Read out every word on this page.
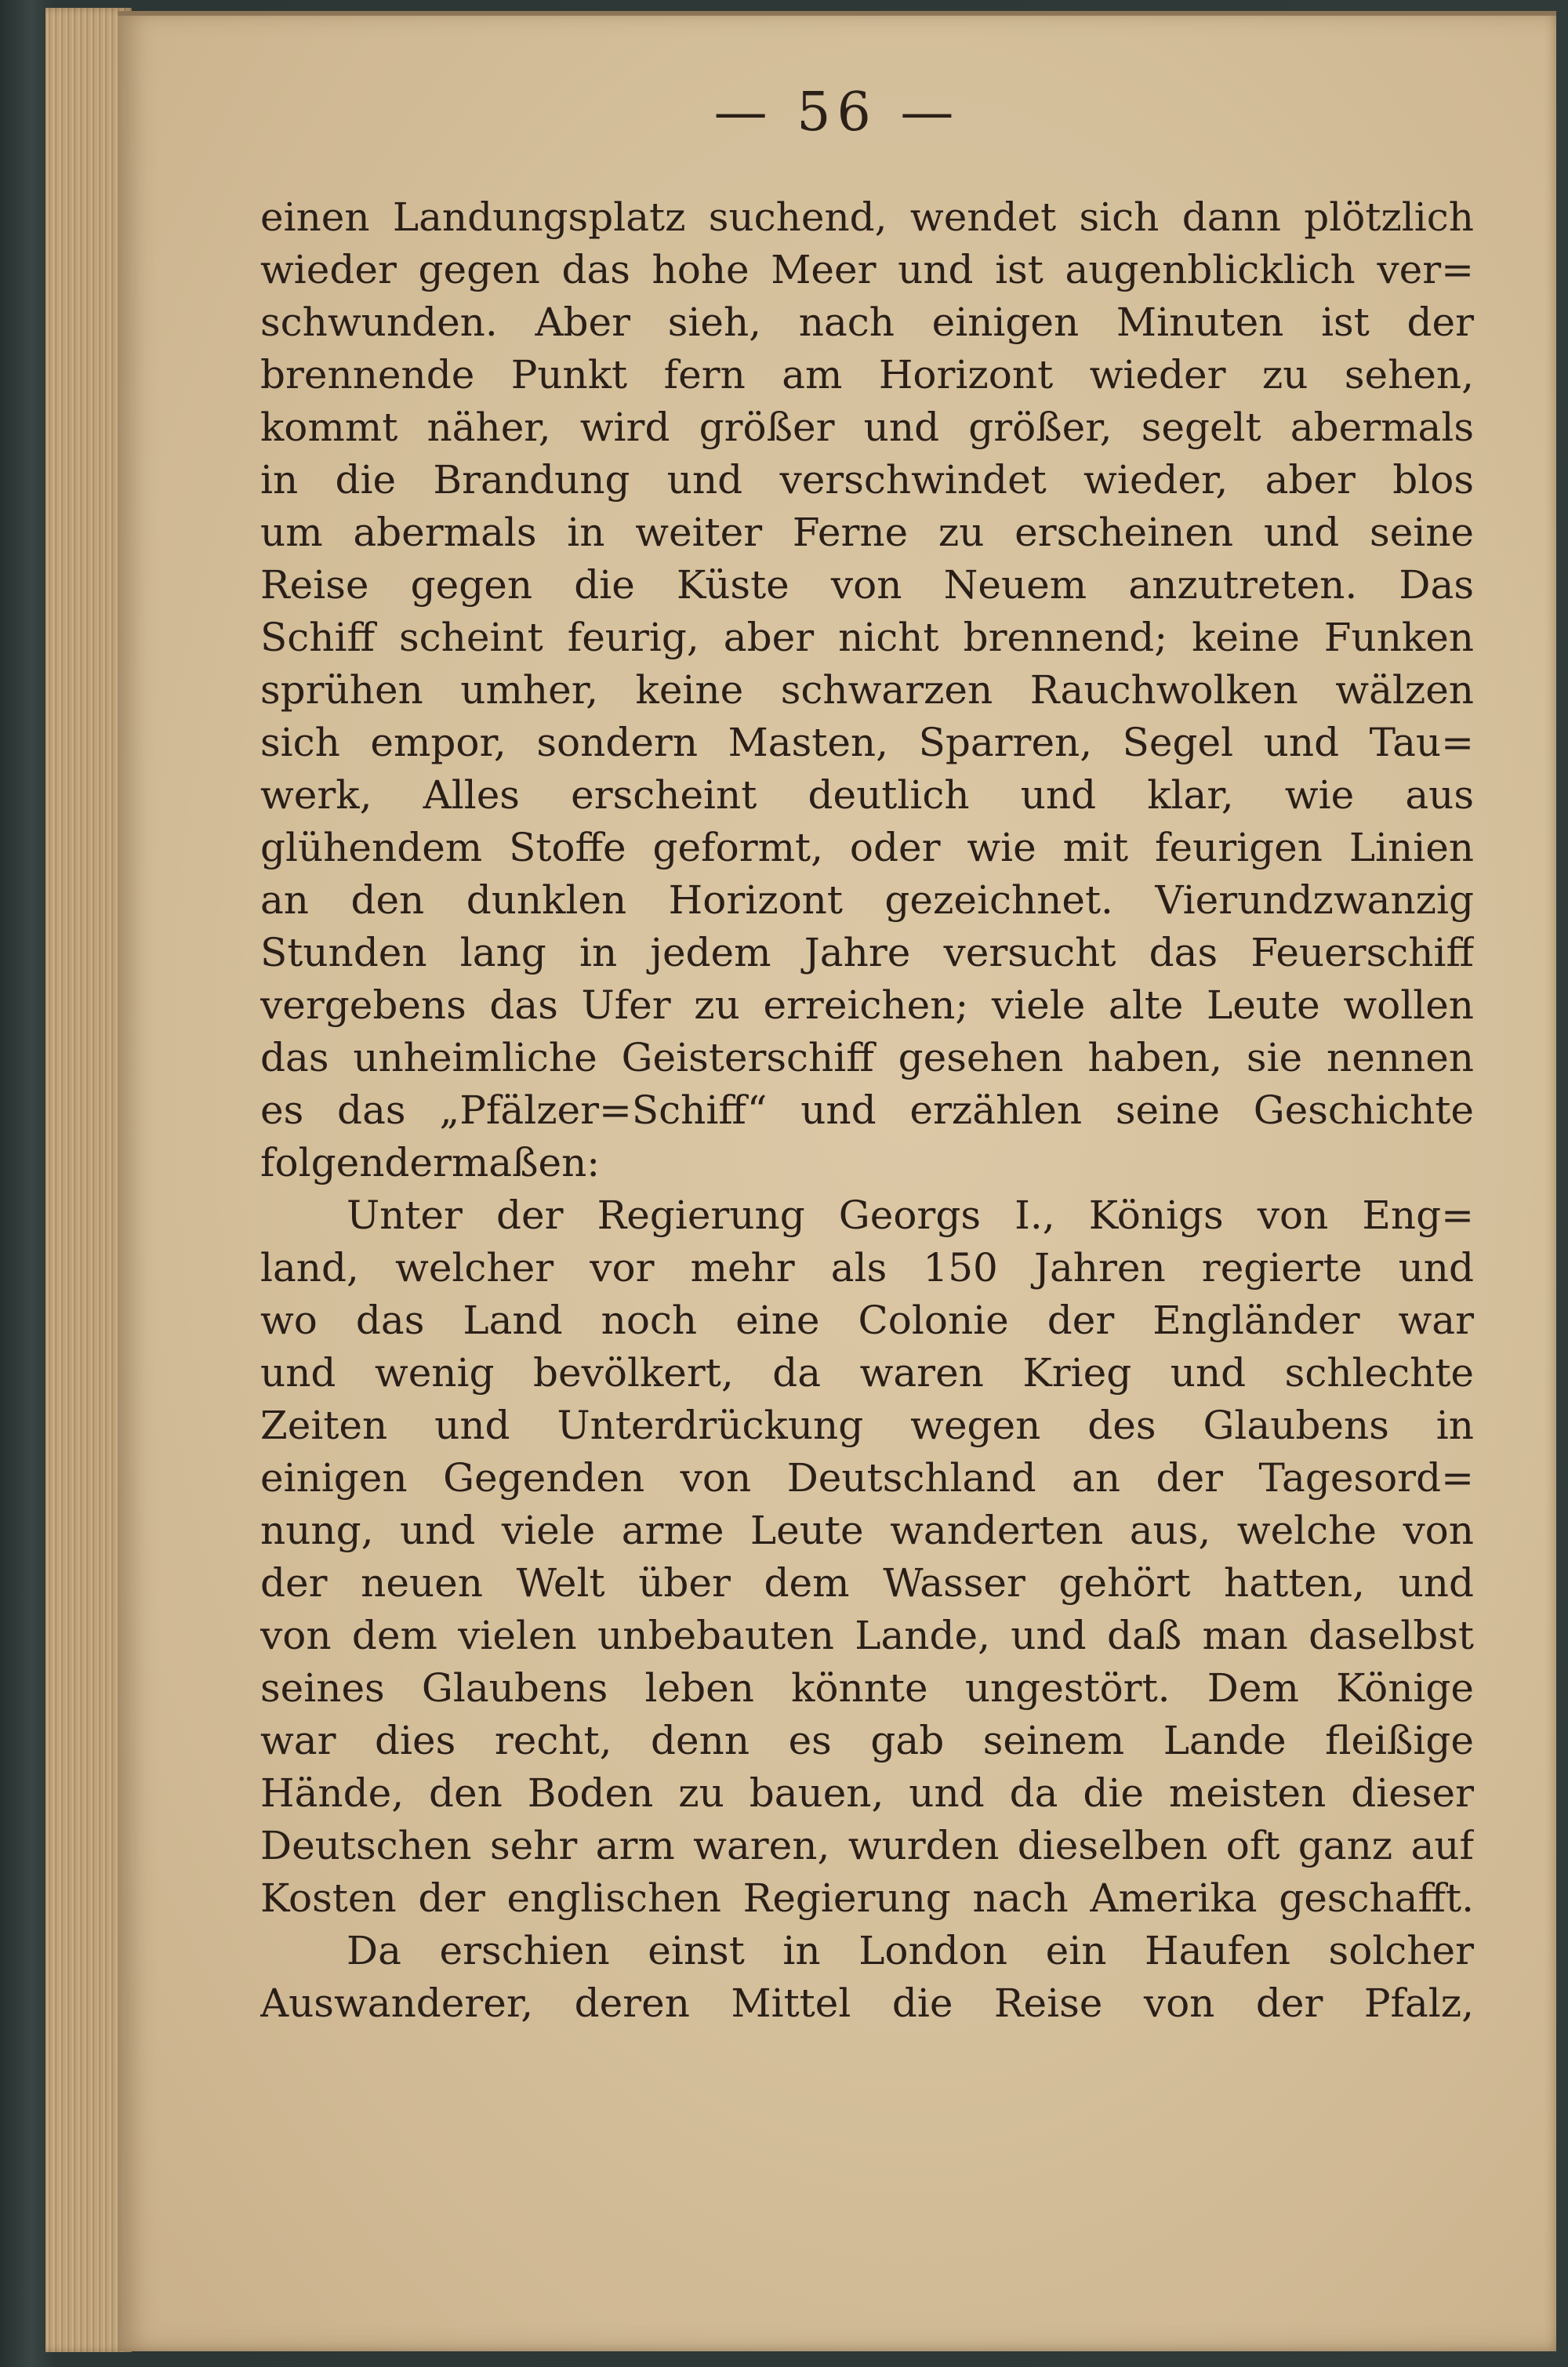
— 56 —
einen Landungsplatz suchend, wendet sich dann plötzlich
wieder gegen das hohe Meer und ist augenblicklich ver=
schwunden. Aber sieh, nach einigen Minuten ist der
brennende Punkt fern am Horizont wieder zu sehen,
kommt näher, wird größer und größer, segelt abermals
in die Brandung und verschwindet wieder, aber blos
um abermals in weiter Ferne zu erscheinen und seine
Reise gegen die Küste von Neuem anzutreten. Das
Schiff scheint feurig, aber nicht brennend; keine Funken
sprühen umher, keine schwarzen Rauchwolken wälzen
sich empor, sondern Masten, Sparren, Segel und Tau=
werk, Alles erscheint deutlich und klar, wie aus
glühendem Stoffe geformt, oder wie mit feurigen Linien
an den dunklen Horizont gezeichnet. Vierundzwanzig
Stunden lang in jedem Jahre versucht das Feuerschiff
vergebens das Ufer zu erreichen; viele alte Leute wollen
das unheimliche Geisterschiff gesehen haben, sie nennen
es das „Pfälzer=Schiff“ und erzählen seine Geschichte
folgendermaßen:
Unter der Regierung Georgs I., Königs von Eng=
land, welcher vor mehr als 150 Jahren regierte und
wo das Land noch eine Colonie der Engländer war
und wenig bevölkert, da waren Krieg und schlechte
Zeiten und Unterdrückung wegen des Glaubens in
einigen Gegenden von Deutschland an der Tagesord=
nung, und viele arme Leute wanderten aus, welche von
der neuen Welt über dem Wasser gehört hatten, und
von dem vielen unbebauten Lande, und daß man daselbst
seines Glaubens leben könnte ungestört. Dem Könige
war dies recht, denn es gab seinem Lande fleißige
Hände, den Boden zu bauen, und da die meisten dieser
Deutschen sehr arm waren, wurden dieselben oft ganz auf
Kosten der englischen Regierung nach Amerika geschafft.
Da erschien einst in London ein Haufen solcher
Auswanderer, deren Mittel die Reise von der Pfalz,
